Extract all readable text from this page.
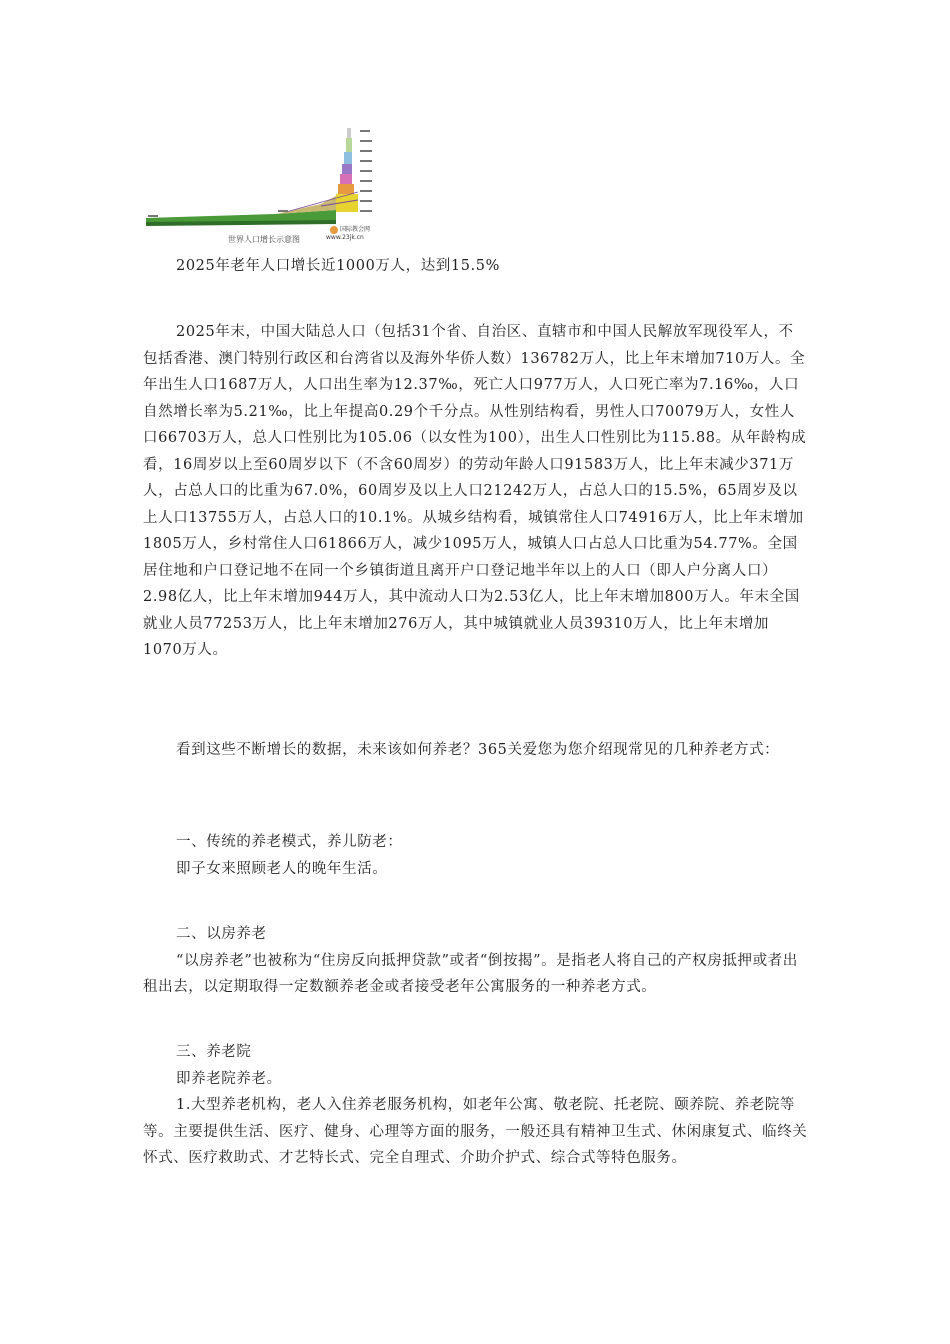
世界人口增长示意图
国际教会网
www.23jk.cn

2025年老年人口增长近1000万人，达到15.5%

2025年末，中国大陆总人口（包括31个省、自治区、直辖市和中国人民解放军现役军人，不包括香港、澳门特别行政区和台湾省以及海外华侨人数）136782万人，比上年末增加710万人。全年出生人口1687万人，人口出生率为12.37‰，死亡人口977万人，人口死亡率为7.16‰，人口自然增长率为5.21‰，比上年提高0.29个千分点。从性别结构看，男性人口70079万人，女性人口66703万人，总人口性别比为105.06（以女性为100），出生人口性别比为115.88。从年龄构成看，16周岁以上至60周岁以下（不含60周岁）的劳动年龄人口91583万人，比上年末减少371万人，占总人口的比重为67.0%，60周岁及以上人口21242万人，占总人口的15.5%，65周岁及以上人口13755万人，占总人口的10.1%。从城乡结构看，城镇常住人口74916万人，比上年末增加1805万人，乡村常住人口61866万人，减少1095万人，城镇人口占总人口比重为54.77%。全国居住地和户口登记地不在同一个乡镇街道且离开户口登记地半年以上的人口（即人户分离人口）2.98亿人，比上年末增加944万人，其中流动人口为2.53亿人，比上年末增加800万人。年末全国就业人员77253万人，比上年末增加276万人，其中城镇就业人员39310万人，比上年末增加1070万人。

看到这些不断增长的数据，未来该如何养老？365关爱您为您介绍现常见的几种养老方式：

一、传统的养老模式，养儿防老：

即子女来照顾老人的晚年生活。

二、以房养老

“以房养老”也被称为“住房反向抵押贷款”或者“倒按揭”。是指老人将自己的产权房抵押或者出租出去，以定期取得一定数额养老金或者接受老年公寓服务的一种养老方式。

三、养老院

即养老院养老。

1.大型养老机构，老人入住养老服务机构，如老年公寓、敬老院、托老院、颐养院、养老院等等。主要提供生活、医疗、健身、心理等方面的服务，一般还具有精神卫生式、休闲康复式、临终关怀式、医疗救助式、才艺特长式、完全自理式、介助介护式、综合式等特色服务。
